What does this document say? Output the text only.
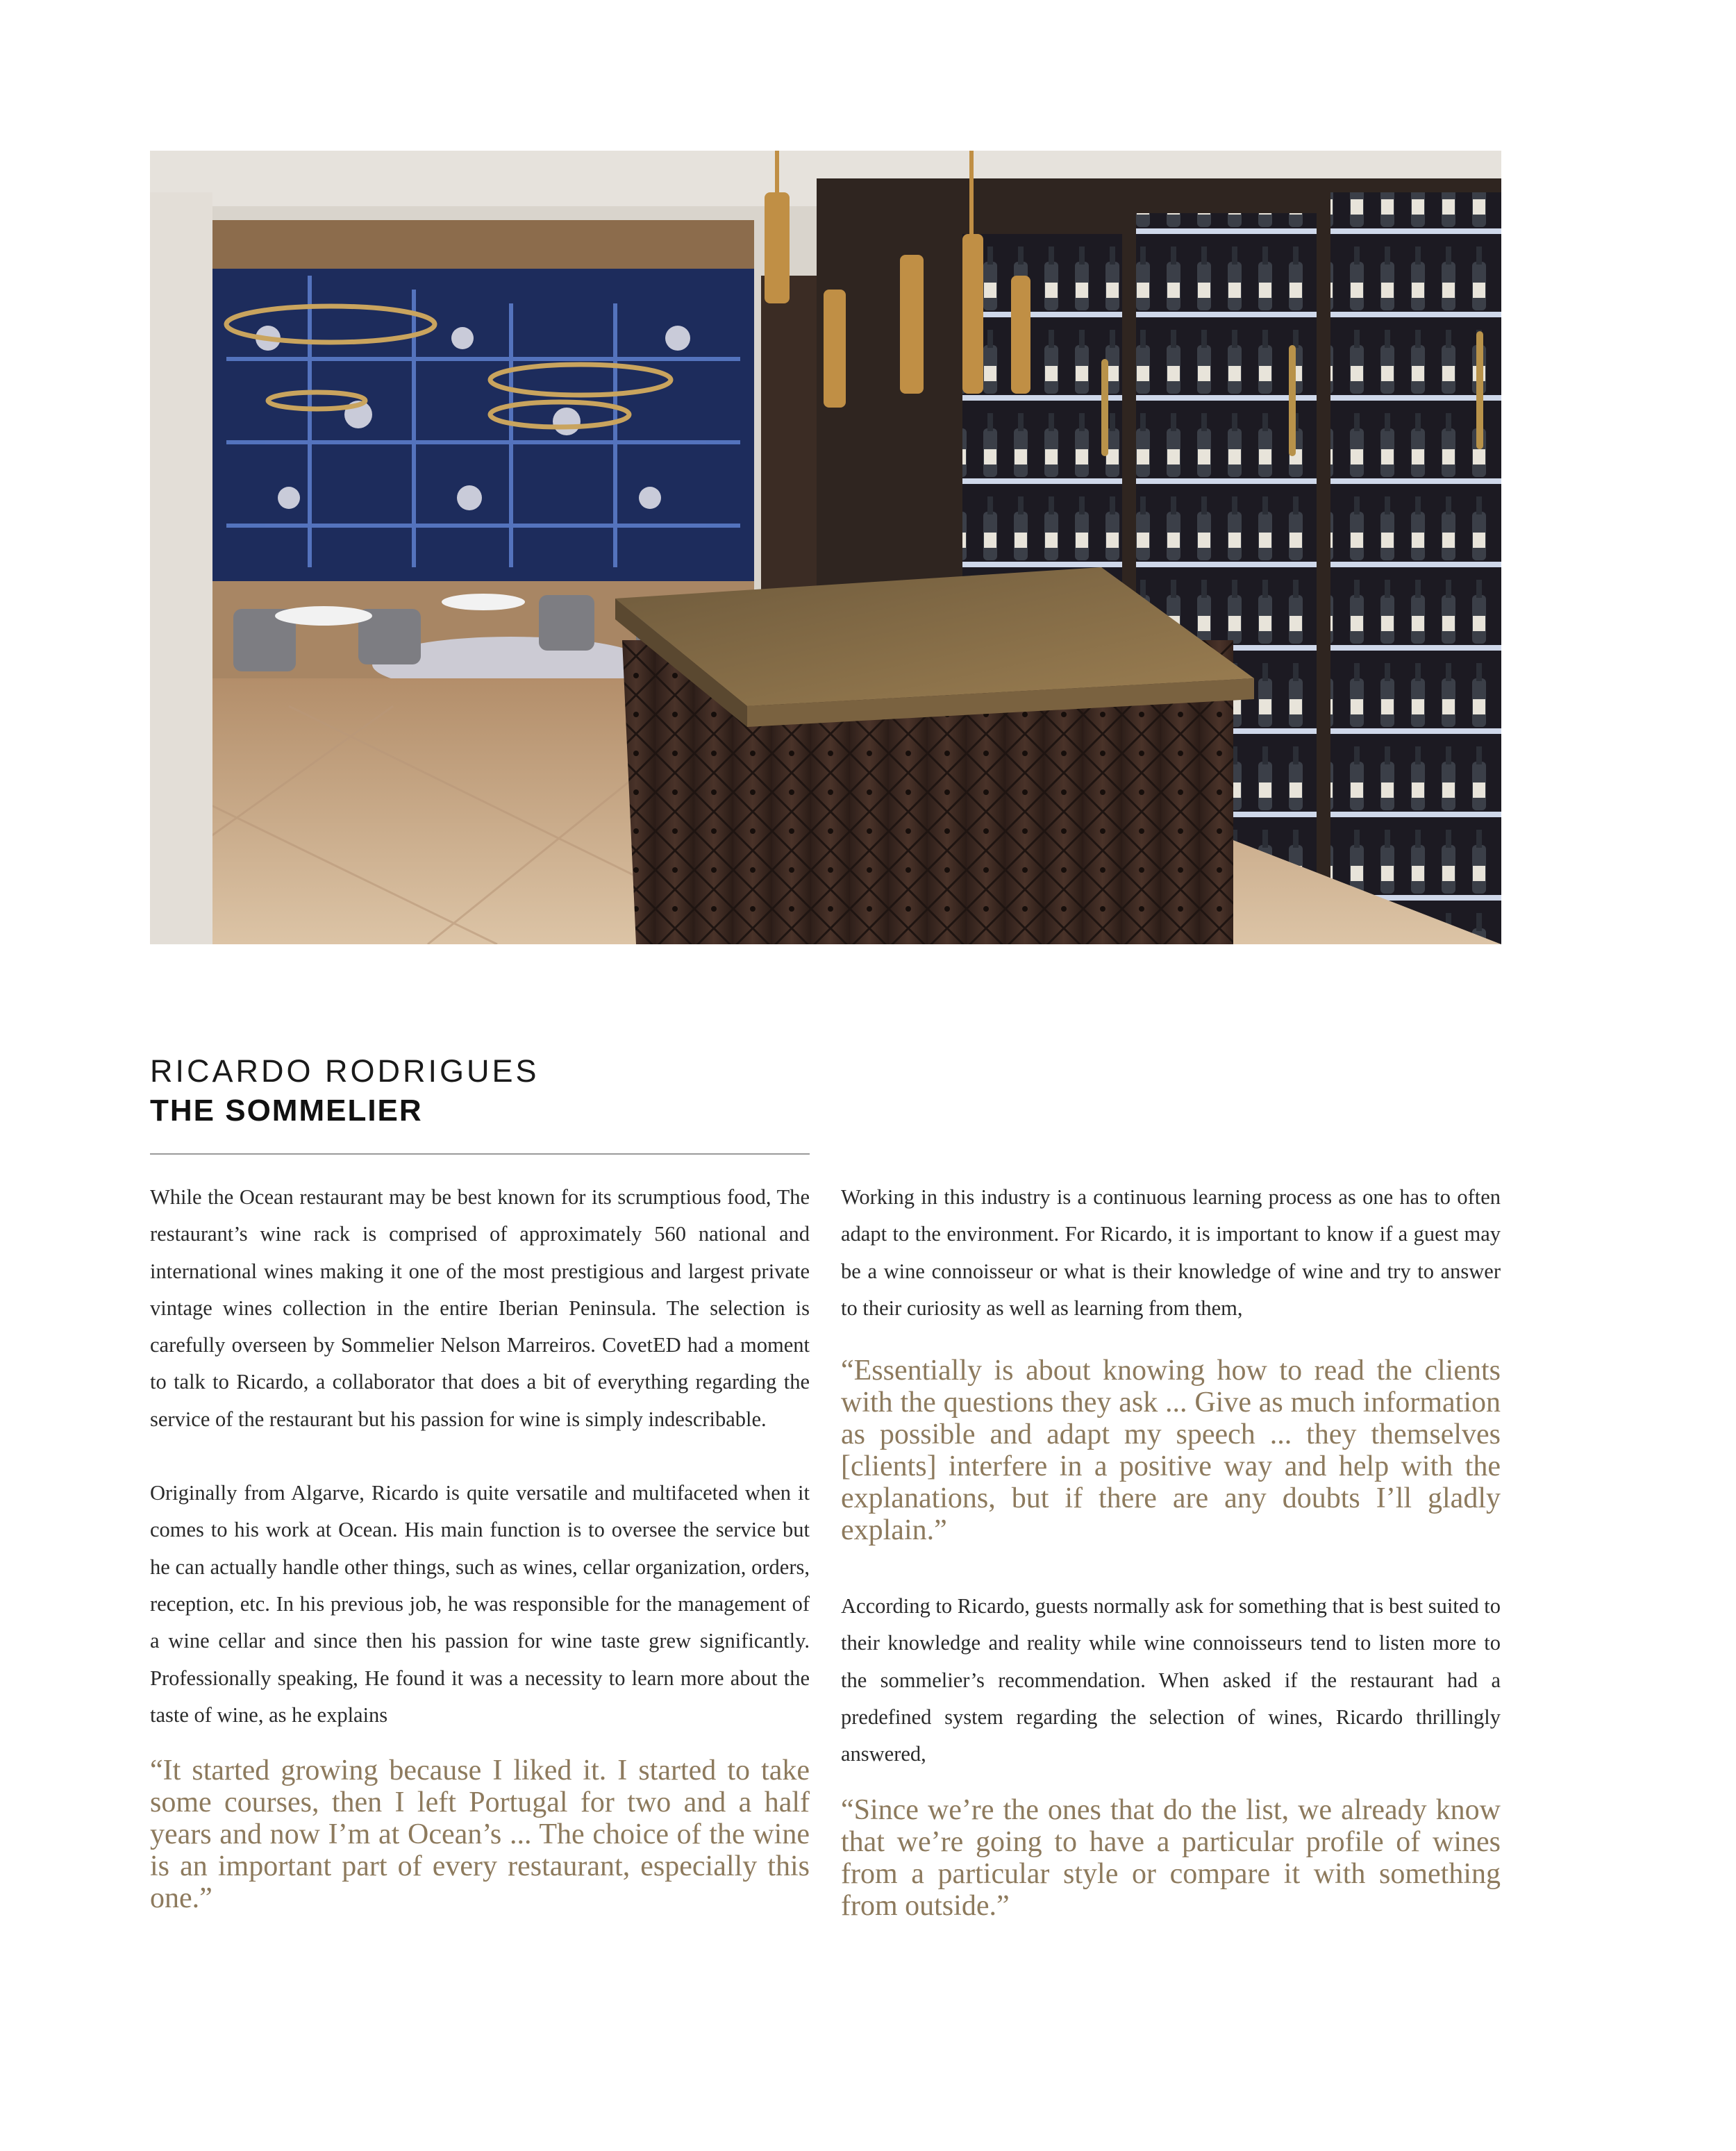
RICARDO RODRIGUES
THE SOMMELIER

While the Ocean restaurant may be best known for its scrumptious food, The restaurant’s wine rack is comprised of approximately 560 national and international wines making it one of the most prestigious and largest private vintage wines collection in the entire Iberian Peninsula. The selection is carefully overseen by Sommelier Nelson Marreiros. CovetED had a moment to talk to Ricardo, a collaborator that does a bit of everything regarding the service of the restaurant but his passion for wine is simply indescribable.

Originally from Algarve, Ricardo is quite versatile and multifaceted when it comes to his work at Ocean. His main function is to oversee the service but he can actually handle other things, such as wines, cellar organization, orders, reception, etc. In his previous job, he was responsible for the management of a wine cellar and since then his passion for wine taste grew significantly. Professionally speaking, He found it was a necessity to learn more about the taste of wine, as he explains

“It started growing because I liked it. I started to take some courses, then I left Portugal for two and a half years and now I’m at Ocean’s ... The choice of the wine is an important part of every restaurant, especially this one.”

Working in this industry is a continuous learning process as one has to often adapt to the environment. For Ricardo, it is important to know if a guest may be a wine connoisseur or what is their knowledge of wine and try to answer to their curiosity as well as learning from them,

“Essentially is about knowing how to read the clients with the questions they ask ... Give as much information as possible and adapt my speech ... they themselves [clients] interfere in a positive way and help with the explanations, but if there are any doubts I’ll gladly explain.”

According to Ricardo, guests normally ask for something that is best suited to their knowledge and reality while wine connoisseurs tend to listen more to the sommelier’s recommendation. When asked if the restaurant had a predefined system regarding the selection of wines, Ricardo thrillingly answered,

“Since we’re the ones that do the list, we already know that we’re going to have a particular profile of wines from a particular style or compare it with something from outside.”
